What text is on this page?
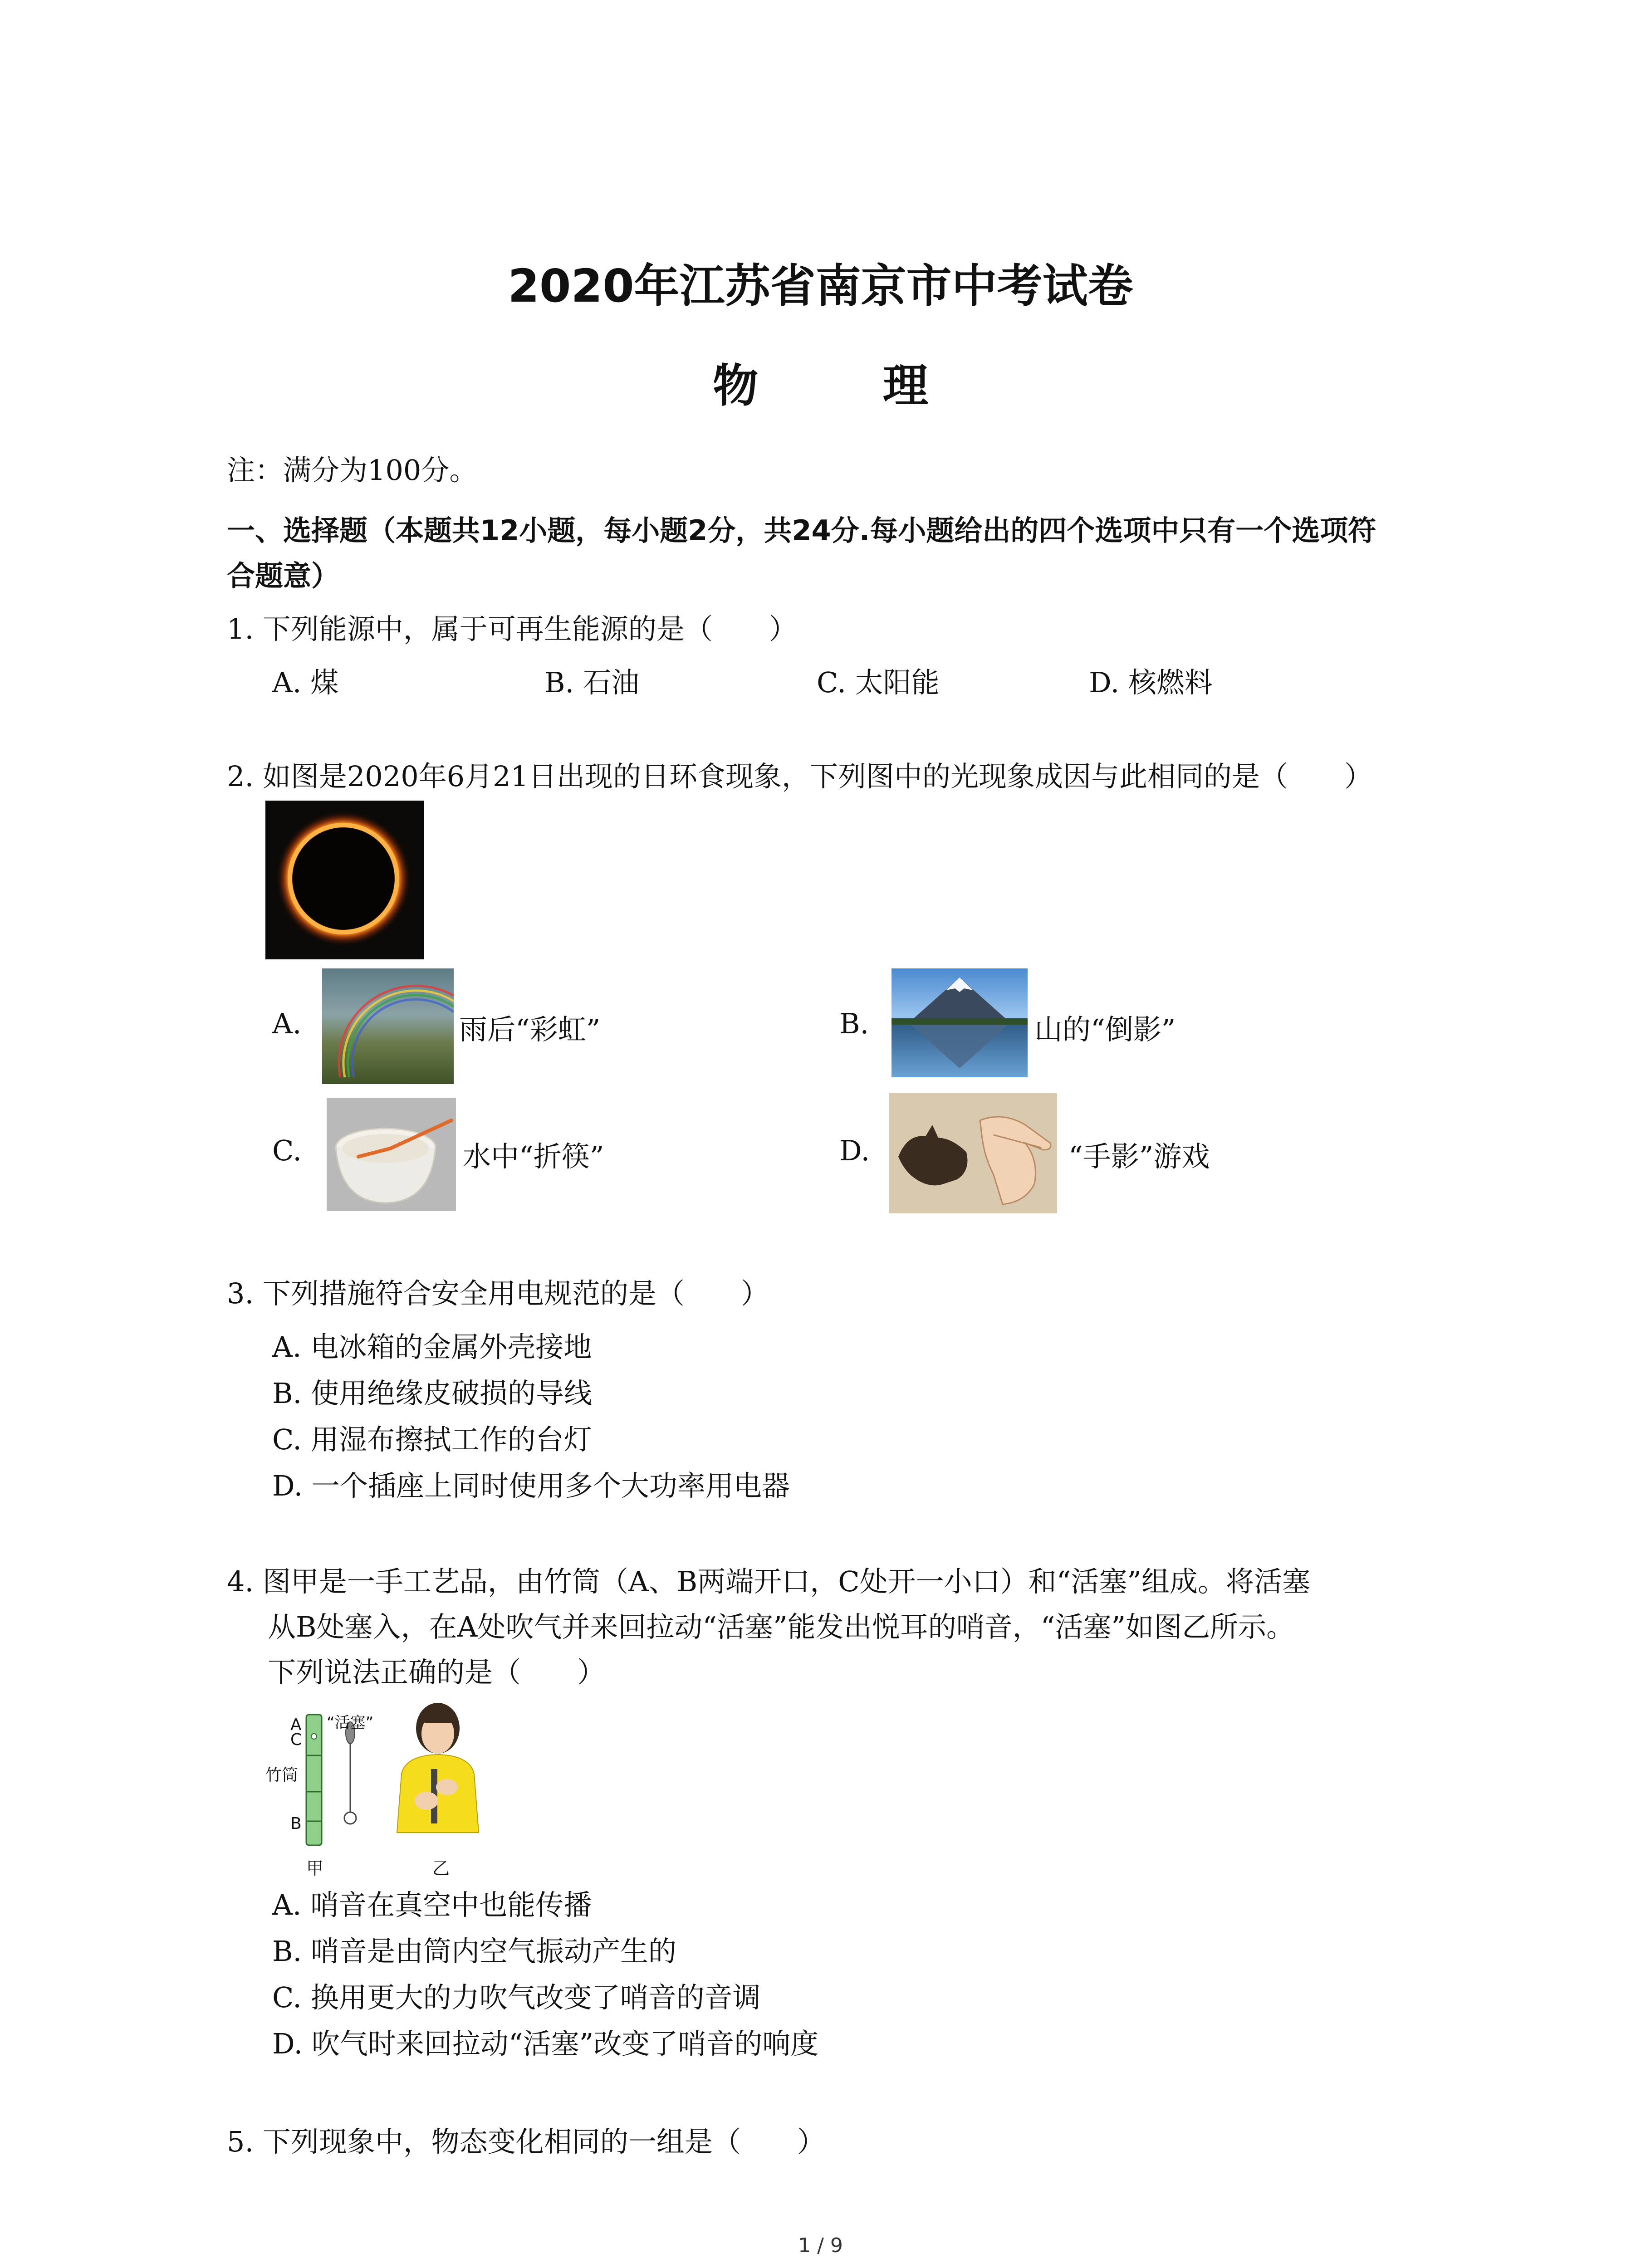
2020年江苏省南京市中考试卷
物 理
注：满分为100分。
一、选择题（本题共12小题，每小题2分，共24分.每小题给出的四个选项中只有一个选项符
合题意）
1. 下列能源中，属于可再生能源的是（　　）
A. 煤	B. 石油	C. 太阳能	D. 核燃料
2. 如图是2020年6月21日出现的日环食现象，下列图中的光现象成因与此相同的是（　　）
A.	雨后“彩虹”	B.	山的“倒影”
C.	水中“折筷”	D.	“手影”游戏
3. 下列措施符合安全用电规范的是（　　）
A. 电冰箱的金属外壳接地
B. 使用绝缘皮破损的导线
C. 用湿布擦拭工作的台灯
D. 一个插座上同时使用多个大功率用电器
4. 图甲是一手工艺品，由竹筒（A、B两端开口，C处开一小口）和“活塞”组成。将活塞
从B处塞入，在A处吹气并来回拉动“活塞”能发出悦耳的哨音，“活塞”如图乙所示。
下列说法正确的是（　　）
A
C
竹筒
B
“活塞”
甲	乙
A. 哨音在真空中也能传播
B. 哨音是由筒内空气振动产生的
C. 换用更大的力吹气改变了哨音的音调
D. 吹气时来回拉动“活塞”改变了哨音的响度
5. 下列现象中，物态变化相同的一组是（　　）
1 / 9
